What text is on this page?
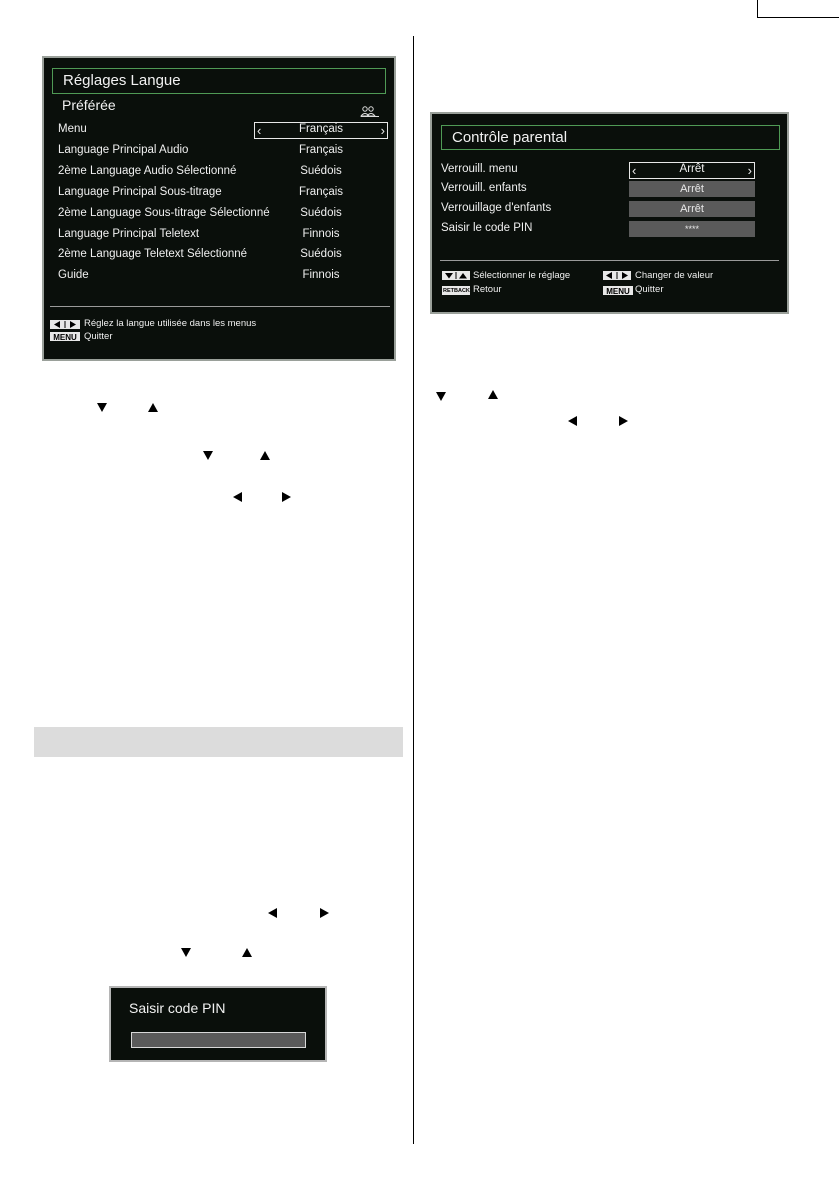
Réglages Langue
Préférée
‹	›
Menu	Français
Language Principal Audio	Français
2ème Language Audio Sélectionné	Suédois
Language Principal Sous-titrage	Français
2ème Language Sous-titrage Sélectionné	Suédois
Language Principal Teletext	Finnois
2ème Language Teletext Sélectionné	Suédois
Guide	Finnois
Réglez la langue utilisée dans les menus
MENU Quitter
Contrôle parental
‹	›
Verrouill. menu	Arrêt
Verrouill. enfants	Arrêt
Verrouillage d'enfants	Arrêt
Saisir le code PIN	****
Sélectionner le réglage	Changer de valeur
RETBACK Retour	MENU Quitter
Saisir code PIN
